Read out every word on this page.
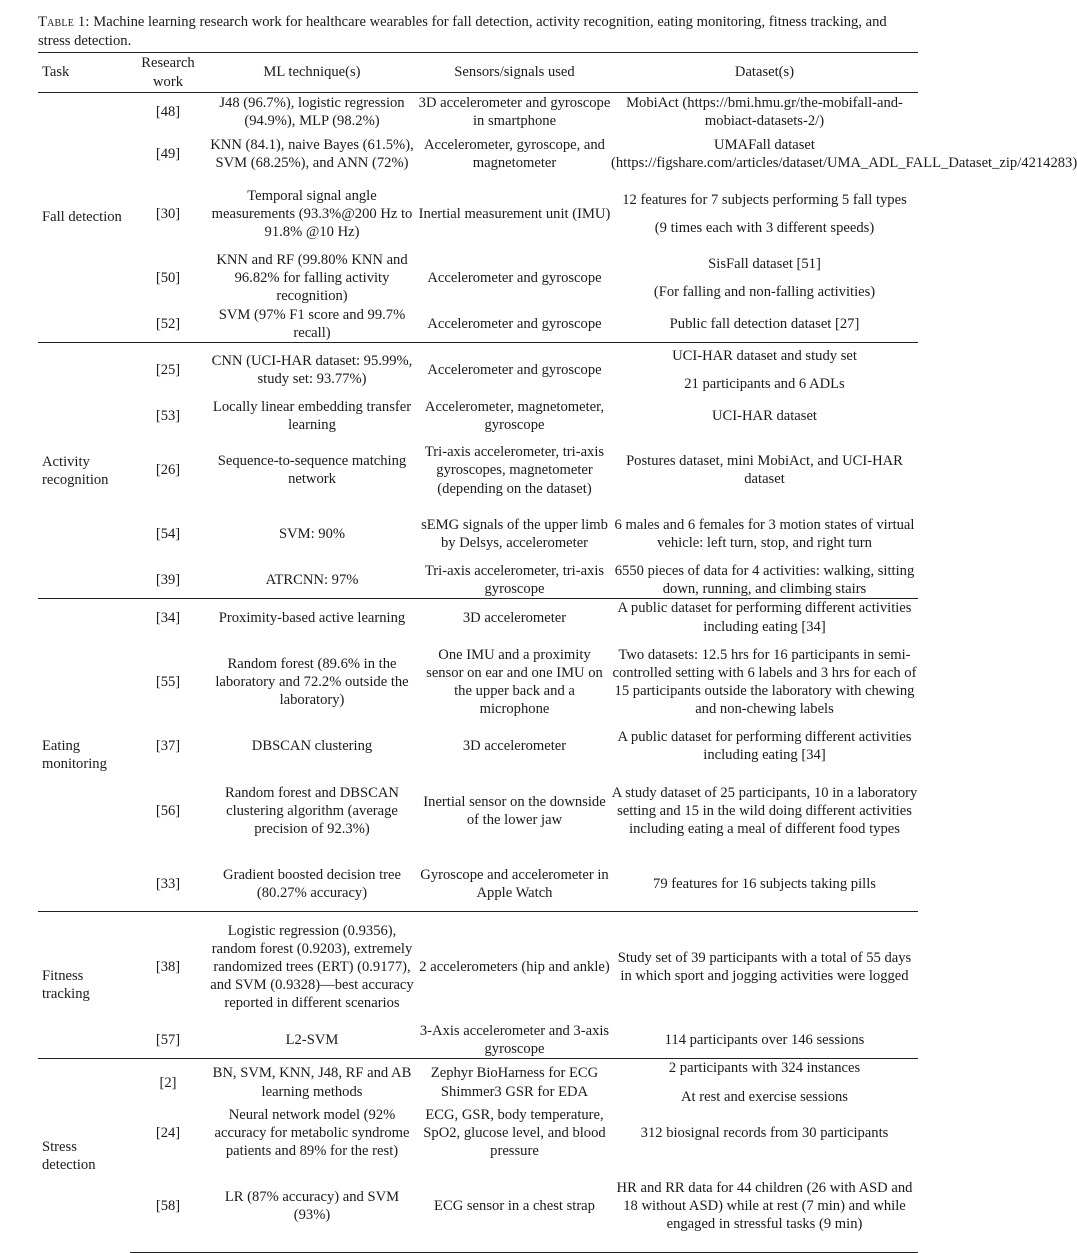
Table 1: Machine learning research work for healthcare wearables for fall detection, activity recognition, eating monitoring, fitness tracking, and stress detection.
Task	Research work	ML technique(s)	Sensors/signals used	Dataset(s)
Fall detection	[48]	J48 (96.7%), logistic regression (94.9%), MLP (98.2%)	3D accelerometer and gyroscope in smartphone	MobiAct (https://bmi.hmu.gr/the-mobifall-and-mobiact-datasets-2/)

	[49]	KNN (84.1), naive Bayes (61.5%), SVM (68.25%), and ANN (72%)	Accelerometer, gyroscope, and magnetometer	UMAFall dataset (https://figshare.com/articles/dataset/UMA_ADL_FALL_Dataset_zip/4214283)

	[30]	Temporal signal angle measurements (93.3%@200 Hz to 91.8% @10 Hz)	Inertial measurement unit (IMU)	12 features for 7 subjects performing 5 fall types
(9 times each with 3 different speeds)

	[50]	KNN and RF (99.80% KNN and 96.82% for falling activity recognition)	Accelerometer and gyroscope	SisFall dataset [51]
(For falling and non-falling activities)

	[52]	SVM (97% F1 score and 99.7% recall)	Accelerometer and gyroscope	Public fall detection dataset [27]

Activity recognition	[25]	CNN (UCI-HAR dataset: 95.99%, study set: 93.77%)	Accelerometer and gyroscope	UCI-HAR dataset and study set
21 participants and 6 ADLs

	[53]	Locally linear embedding transfer learning	Accelerometer, magnetometer, gyroscope	UCI-HAR dataset

	[26]	Sequence-to-sequence matching network	Tri-axis accelerometer, tri-axis gyroscopes, magnetometer (depending on the dataset)	Postures dataset, mini MobiAct, and UCI-HAR dataset

	[54]	SVM: 90%	sEMG signals of the upper limb by Delsys, accelerometer	6 males and 6 females for 3 motion states of virtual vehicle: left turn, stop, and right turn

	[39]	ATRCNN: 97%	Tri-axis accelerometer, tri-axis gyroscope	6550 pieces of data for 4 activities: walking, sitting down, running, and climbing stairs

Eating monitoring	[34]	Proximity-based active learning	3D accelerometer	A public dataset for performing different activities including eating [34]

	[55]	Random forest (89.6% in the laboratory and 72.2% outside the laboratory)	One IMU and a proximity sensor on ear and one IMU on the upper back and a microphone	Two datasets: 12.5 hrs for 16 participants in semi-controlled setting with 6 labels and 3 hrs for each of 15 participants outside the laboratory with chewing and non-chewing labels

	[37]	DBSCAN clustering	3D accelerometer	A public dataset for performing different activities including eating [34]

	[56]	Random forest and DBSCAN clustering algorithm (average precision of 92.3%)	Inertial sensor on the downside of the lower jaw	A study dataset of 25 participants, 10 in a laboratory setting and 15 in the wild doing different activities including eating a meal of different food types

	[33]	Gradient boosted decision tree (80.27% accuracy)	Gyroscope and accelerometer in Apple Watch	79 features for 16 subjects taking pills

Fitness tracking	[38]	Logistic regression (0.9356), random forest (0.9203), extremely randomized trees (ERT) (0.9177), and SVM (0.9328)—best accuracy reported in different scenarios	2 accelerometers (hip and ankle)	Study set of 39 participants with a total of 55 days in which sport and jogging activities were logged

	[57]	L2-SVM	3-Axis accelerometer and 3-axis gyroscope	114 participants over 146 sessions

Stress detection	[2]	BN, SVM, KNN, J48, RF and AB learning methods	Zephyr BioHarness for ECG Shimmer3 GSR for EDA	2 participants with 324 instances
At rest and exercise sessions

	[24]	Neural network model (92% accuracy for metabolic syndrome patients and 89% for the rest)	ECG, GSR, body temperature, SpO2, glucose level, and blood pressure	312 biosignal records from 30 participants

	[58]	LR (87% accuracy) and SVM (93%)	ECG sensor in a chest strap	HR and RR data for 44 children (26 with ASD and 18 without ASD) while at rest (7 min) and while engaged in stressful tasks (9 min)
